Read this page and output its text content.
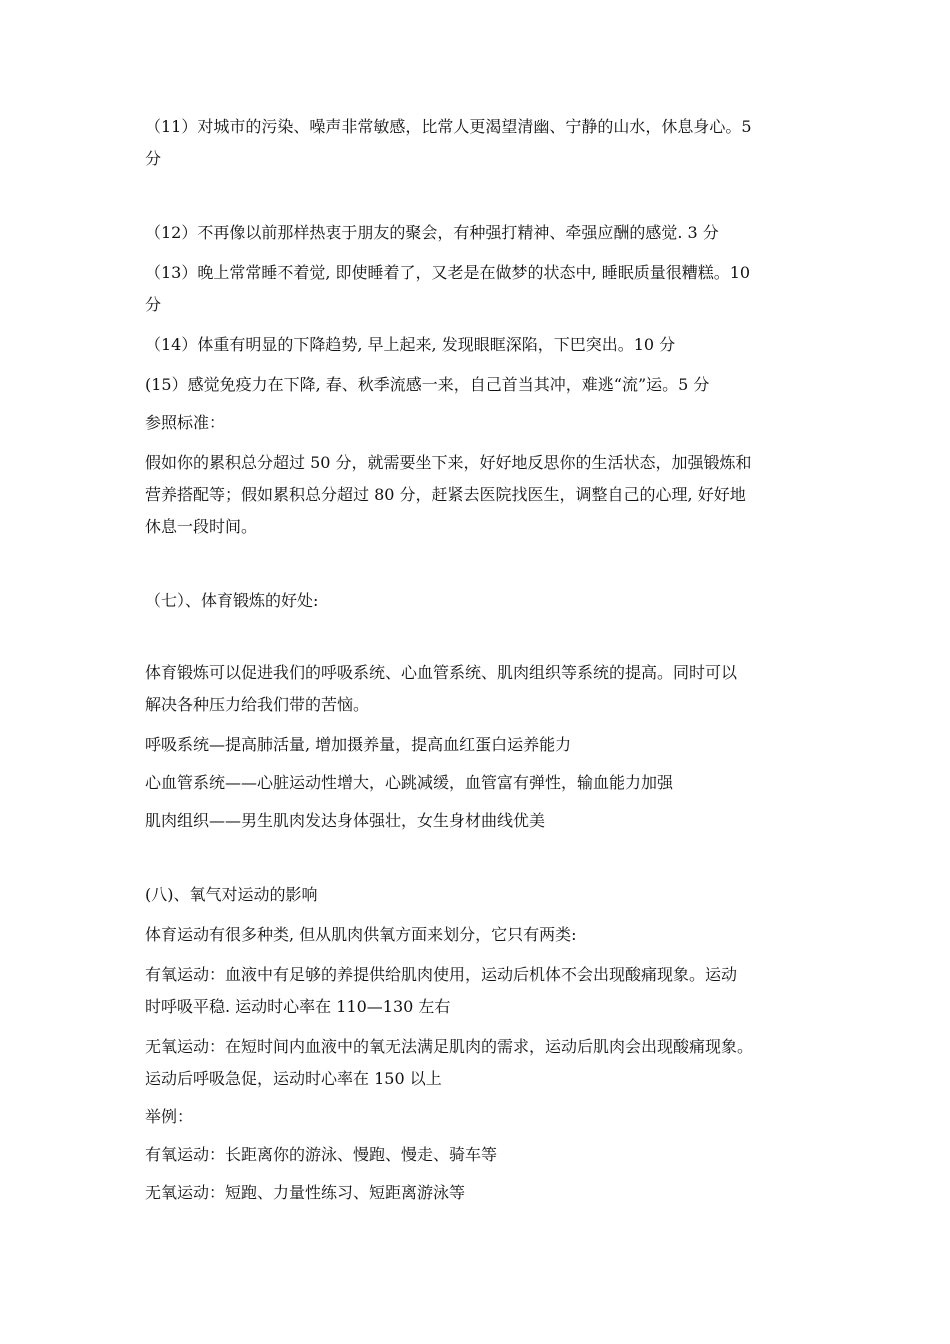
（11）对城市的污染、噪声非常敏感，比常人更渴望清幽、宁静的山水，休息身心。5
分
（12）不再像以前那样热衷于朋友的聚会，有种强打精神、牵强应酬的感觉. 3 分
（13）晚上常常睡不着觉, 即使睡着了，又老是在做梦的状态中, 睡眠质量很糟糕。10
分
（14）体重有明显的下降趋势, 早上起来, 发现眼眶深陷，下巴突出。10 分
(15）感觉免疫力在下降, 春、秋季流感一来，自己首当其冲，难逃“流”运。5 分
参照标准：
假如你的累积总分超过 50 分，就需要坐下来，好好地反思你的生活状态，加强锻炼和
营养搭配等；假如累积总分超过 80 分，赶紧去医院找医生，调整自己的心理, 好好地
休息一段时间。
（七）、体育锻炼的好处:
体育锻炼可以促进我们的呼吸系统、心血管系统、肌肉组织等系统的提高。同时可以
解决各种压力给我们带的苦恼。
呼吸系统—提高肺活量, 增加摄养量，提高血红蛋白运养能力
心血管系统——心脏运动性增大，心跳减缓，血管富有弹性，输血能力加强
肌肉组织——男生肌肉发达身体强壮，女生身材曲线优美
(八)、氧气对运动的影响
体育运动有很多种类, 但从肌肉供氧方面来划分，它只有两类:
有氧运动：血液中有足够的养提供给肌肉使用，运动后机体不会出现酸痛现象。运动
时呼吸平稳. 运动时心率在 110—130 左右
无氧运动：在短时间内血液中的氧无法满足肌肉的需求，运动后肌肉会出现酸痛现象。
运动后呼吸急促，运动时心率在 150 以上
举例：
有氧运动：长距离你的游泳、慢跑、慢走、骑车等
无氧运动：短跑、力量性练习、短距离游泳等
